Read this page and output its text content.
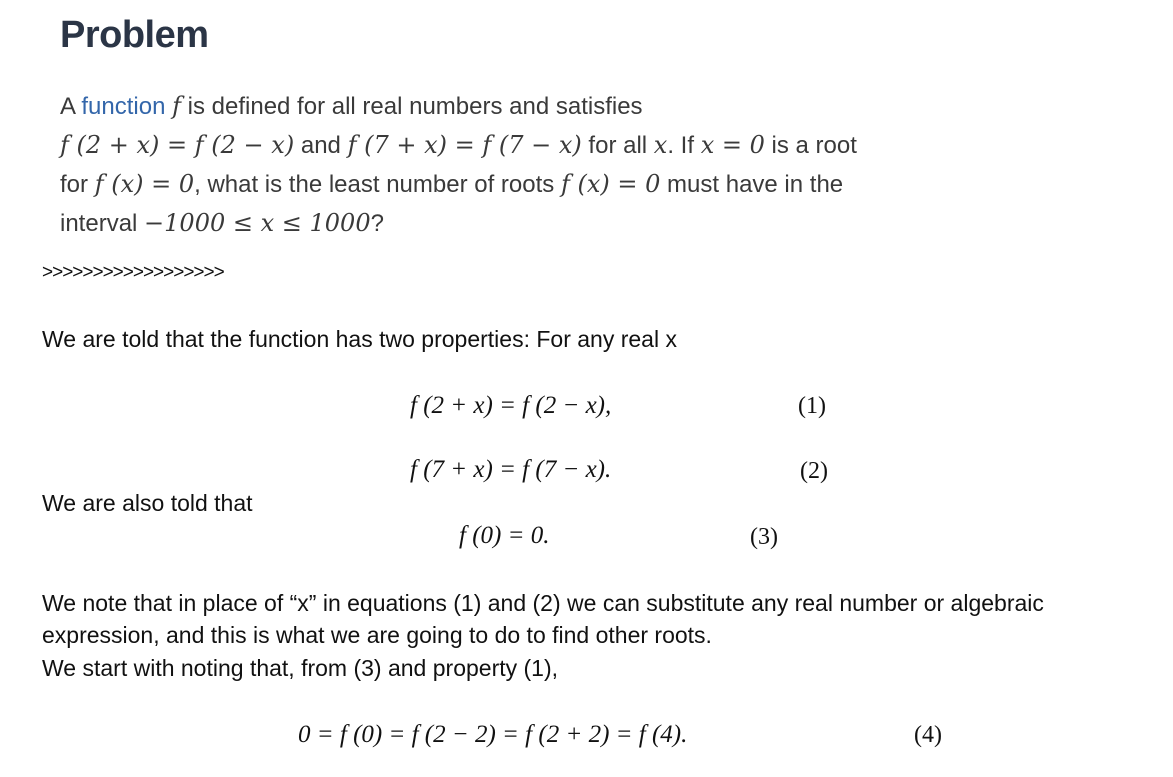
Problem
A function f is defined for all real numbers and satisfies
f (2 + x) = f (2 − x) and f (7 + x) = f (7 − x) for all x. If x = 0 is a root
for f (x) = 0, what is the least number of roots f (x) = 0 must have in the
interval −1000 ≤ x ≤ 1000?
>>>>>>>>>>>>>>>>>>
We are told that the function has two properties: For any real x
f (2 + x) = f (2 − x),	(1)
f (7 + x) = f (7 − x).	(2)
We are also told that
f (0) = 0.	(3)
We note that in place of “x” in equations (1) and (2) we can substitute any real number or algebraic
expression, and this is what we are going to do to find other roots.
We start with noting that, from (3) and property (1),
0 = f (0) = f (2 − 2) = f (2 + 2) = f (4).	(4)
